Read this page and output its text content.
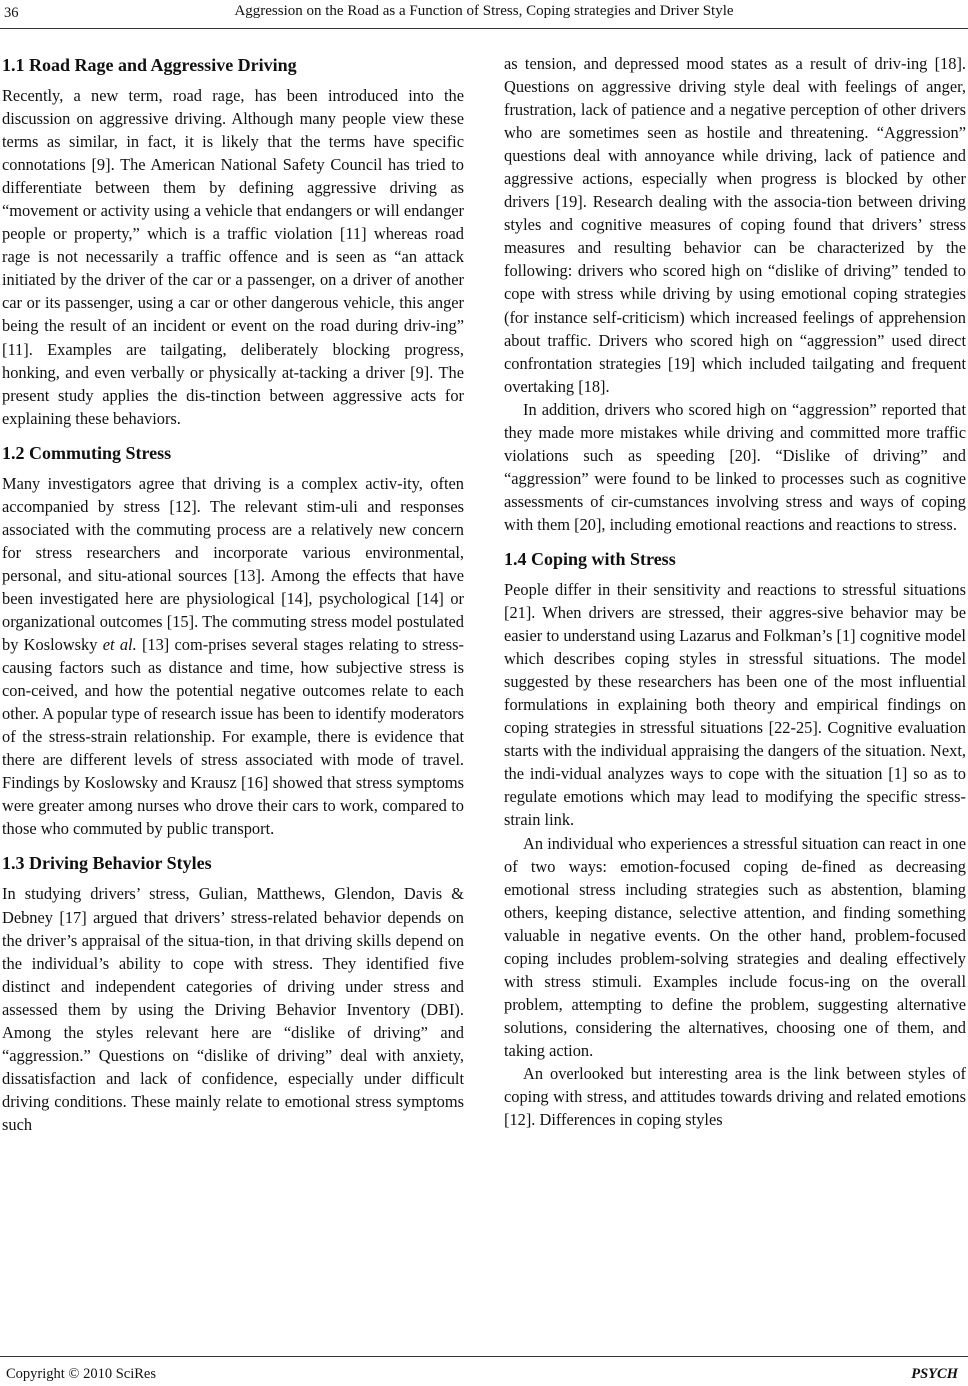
36	Aggression on the Road as a Function of Stress, Coping strategies and Driver Style
1.1 Road Rage and Aggressive Driving

Recently, a new term, road rage, has been introduced into the discussion on aggressive driving. Although many people view these terms as similar, in fact, it is likely that the terms have specific connotations [9]. The American National Safety Council has tried to differentiate between them by defining aggressive driving as “movement or activity using a vehicle that endangers or will endanger people or property,” which is a traffic violation [11] whereas road rage is not necessarily a traffic offence and is seen as “an attack initiated by the driver of the car or a passenger, on a driver of another car or its passenger, using a car or other dangerous vehicle, this anger being the result of an incident or event on the road during driv-ing” [11]. Examples are tailgating, deliberately blocking progress, honking, and even verbally or physically at-tacking a driver [9]. The present study applies the dis-tinction between aggressive acts for explaining these behaviors.

1.2 Commuting Stress

Many investigators agree that driving is a complex activ-ity, often accompanied by stress [12]. The relevant stim-uli and responses associated with the commuting process are a relatively new concern for stress researchers and incorporate various environmental, personal, and situ-ational sources [13]. Among the effects that have been investigated here are physiological [14], psychological [14] or organizational outcomes [15]. The commuting stress model postulated by Koslowsky et al. [13] com-prises several stages relating to stress-causing factors such as distance and time, how subjective stress is con-ceived, and how the potential negative outcomes relate to each other. A popular type of research issue has been to identify moderators of the stress-strain relationship. For example, there is evidence that there are different levels of stress associated with mode of travel. Findings by Koslowsky and Krausz [16] showed that stress symptoms were greater among nurses who drove their cars to work, compared to those who commuted by public transport.

1.3 Driving Behavior Styles

In studying drivers’ stress, Gulian, Matthews, Glendon, Davis & Debney [17] argued that drivers’ stress-related behavior depends on the driver’s appraisal of the situa-tion, in that driving skills depend on the individual’s ability to cope with stress. They identified five distinct and independent categories of driving under stress and assessed them by using the Driving Behavior Inventory (DBI). Among the styles relevant here are “dislike of driving” and “aggression.” Questions on “dislike of driving” deal with anxiety, dissatisfaction and lack of confidence, especially under difficult driving conditions. These mainly relate to emotional stress symptoms such

as tension, and depressed mood states as a result of driv-ing [18]. Questions on aggressive driving style deal with feelings of anger, frustration, lack of patience and a negative perception of other drivers who are sometimes seen as hostile and threatening. “Aggression” questions deal with annoyance while driving, lack of patience and aggressive actions, especially when progress is blocked by other drivers [19]. Research dealing with the associa-tion between driving styles and cognitive measures of coping found that drivers’ stress measures and resulting behavior can be characterized by the following: drivers who scored high on “dislike of driving” tended to cope with stress while driving by using emotional coping strategies (for instance self-criticism) which increased feelings of apprehension about traffic. Drivers who scored high on “aggression” used direct confrontation strategies [19] which included tailgating and frequent overtaking [18].

In addition, drivers who scored high on “aggression” reported that they made more mistakes while driving and committed more traffic violations such as speeding [20]. “Dislike of driving” and “aggression” were found to be linked to processes such as cognitive assessments of cir-cumstances involving stress and ways of coping with them [20], including emotional reactions and reactions to stress.

1.4 Coping with Stress

People differ in their sensitivity and reactions to stressful situations [21]. When drivers are stressed, their aggres-sive behavior may be easier to understand using Lazarus and Folkman’s [1] cognitive model which describes coping styles in stressful situations. The model suggested by these researchers has been one of the most influential formulations in explaining both theory and empirical findings on coping strategies in stressful situations [22-25]. Cognitive evaluation starts with the individual appraising the dangers of the situation. Next, the indi-vidual analyzes ways to cope with the situation [1] so as to regulate emotions which may lead to modifying the specific stress-strain link.

An individual who experiences a stressful situation can react in one of two ways: emotion-focused coping de-fined as decreasing emotional stress including strategies such as abstention, blaming others, keeping distance, selective attention, and finding something valuable in negative events. On the other hand, problem-focused coping includes problem-solving strategies and dealing effectively with stress stimuli. Examples include focus-ing on the overall problem, attempting to define the problem, suggesting alternative solutions, considering the alternatives, choosing one of them, and taking action.

An overlooked but interesting area is the link between styles of coping with stress, and attitudes towards driving and related emotions [12]. Differences in coping styles

Copyright © 2010 SciRes	PSYCH
